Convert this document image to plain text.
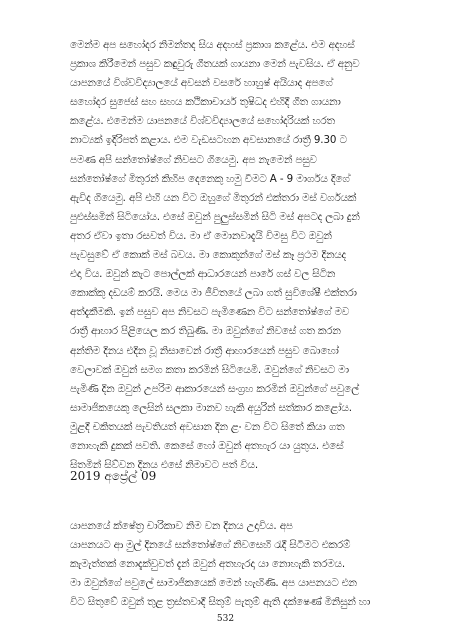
මෙන්ම අප සහෝදර නිමන්තද සිය අදහස් ප්‍රකාශ කළේය. එම අදහස්
ප්‍රකාශ කිරීමෙන් පසුව කඳුවුරු ගීතයක් ගායනා මෙන් පැවසිය. ඒ අනුව
යාපනයේ විශ්වවිද්‍යාලයේ අවසන් වසරේ හාහුෂ් අයියාද අපගේ
සහෝදර සුජෙස් සහ සහය කථිකාචාර්ය තුෂිධද එහිදී ගීත ගායනා
කළේය. එමෙන්ම යාපනයේ විශ්වවිද්‍යාලයේ සහෝදරියක් හරත
නාට්‍යක් ඉදිරිපත් කළාය. එම වැඩසටහන අවසානයේ රාත්‍රී 9.30 ට
පමණ අපි සන්තෝෂ්ගේ නිවසට ගියෙමු. අප නැමෙන් පසුව
සන්තෝෂ්ගේ මිතුරන් කිහිප දෙනෙකු හමු වීමට A - 9 මාර්ගය දිගේ
ඇවිද ගියෙමු. අපි එහි යන විට ඔහුගේ මිතුරන් එක්තරා මස් වර්ගයක්
පුළුස්සමින් සිටියෝය. එසේ ඔවුන් පුලුස්සමින් සිටි මස් අපටද ලබා දුන්
අතර ඒවා ඉතා රසවත් විය. මා ඒ මොනවාදැයි විමසු විට ඔවුන්
පැවසුවේ ඒ කොක් මස් බවය. මා කොකුන්ගේ මස් කෑ ප්‍රථම දිනයද
එදා විය. ඔවුන් කැට පොල්ලක් ආධාරයෙන් පාරේ ගස් වල සිටින
කොක්කු දඩයම් කරයි. මෙය මා ජීවිතයේ ලබා ගත් සුවිශේෂී එක්තරා
අත්දැකීමකි. ඉන් පසුව අප නිවසට පැමිණෙන විට සන්තෝෂ්ගේ මව
රාත්‍රී ආහාර පිළියෙල කර තිබුණි. මා ඔවුන්ගේ නිවසේ ගත කරන
අන්තිම දිනය එදින වූ නිසාවෙන් රාත්‍රී ආහාරයෙන් පසුව බොහෝ
වෙලාවක් ඔවුන් සමග කතා කරමින් සිටියෙමි. ඔවුන්ගේ නිවසට මා
පැමිණි දින ඔවුන් උපරිම ආකාරයෙන් සංග්‍රහ කරමින් ඔවුන්ගේ පවුලේ
සාමාජිකයෙකු ලෙසින් සලකා මානව හැකි අයුරින් සත්කාර කළෝය.
මුළදී චකිතයක් පැවතියත් අවසාන දින ළං වන විට සිතේ කියා ගත
නොහැකි දුකක් පවති. කෙසේ හෝ ඔවුන් අතහැර යා යුතුය. එසේ
සිතමින් සිව්වන දිනය එසේ නිමාවට පත් විය.

2019 අප්‍රේල් 09

යාපනයේ ක්ෂේත්‍ර චාරිකාව නිම වන දිනය උදාවිය. අප
යාපනයට ආ මුල් දිනයේ සන්තෝෂ්ගේ නිවසෙහි රැදී සිටීමට එකරම්
කැමැත්තක් නොදැක්වුවත් දැන් ඔවුන් අතහැරදා යා නොහැකි තරමය.
මා ඔවුන්ගේ පවුලේ සාමාජිකයෙක් මෙන් හැඟිණි. අප යාපනයට එන
විට සිතුවේ ඔවුන් තුළ ත්‍රස්තවාදී සිතුම් පැතුම් ඇති දක්ෂෙණ් මිනිසුන් හා

532
